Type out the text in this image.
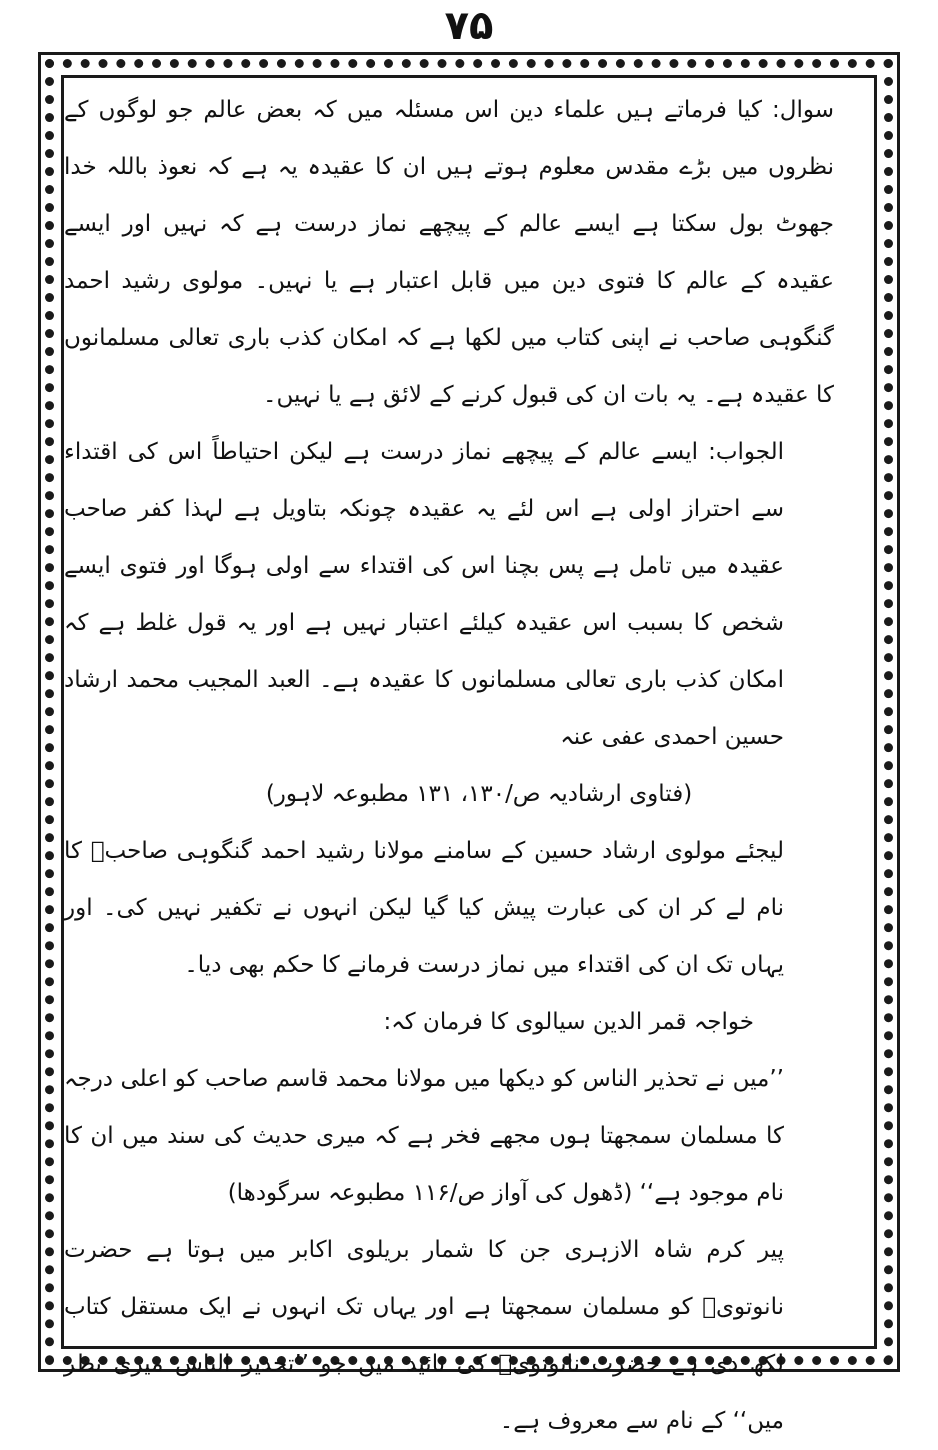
۷۵

سوال: کیا فرماتے ہیں علماء دین اس مسئلہ میں کہ بعض عالم جو لوگوں کے نظروں میں بڑے مقدس معلوم ہوتے ہیں ان کا عقیدہ یہ ہے کہ نعوذ باللہ خدا جھوٹ بول سکتا ہے ایسے عالم کے پیچھے نماز درست ہے کہ نہیں اور ایسے عقیدہ کے عالم کا فتوی دین میں قابل اعتبار ہے یا نہیں۔ مولوی رشید احمد گنگوہی صاحب نے اپنی کتاب میں لکھا ہے کہ امکان کذب باری تعالی مسلمانوں کا عقیدہ ہے۔ یہ بات ان کی قبول کرنے کے لائق ہے یا نہیں۔

الجواب: ایسے عالم کے پیچھے نماز درست ہے لیکن احتیاطاً اس کی اقتداء سے احتراز اولی ہے اس لئے یہ عقیدہ چونکہ بتاویل ہے لہذا کفر صاحب عقیدہ میں تامل ہے پس بچنا اس کی اقتداء سے اولی ہوگا اور فتوی ایسے شخص کا بسبب اس عقیدہ کیلئے اعتبار نہیں ہے اور یہ قول غلط ہے کہ امکان کذب باری تعالی مسلمانوں کا عقیدہ ہے۔ العبد المجیب محمد ارشاد حسین احمدی عفی عنہ

(فتاوی ارشادیہ ص/۱۳۰، ۱۳۱ مطبوعہ لاہور)

لیجئے مولوی ارشاد حسین کے سامنے مولانا رشید احمد گنگوہی صاحبؒ کا نام لے کر ان کی عبارت پیش کیا گیا لیکن انہوں نے تکفیر نہیں کی۔ اور یہاں تک ان کی اقتداء میں نماز درست فرمانے کا حکم بھی دیا۔

خواجہ قمر الدین سیالوی کا فرمان کہ:

’’میں نے تحذیر الناس کو دیکھا میں مولانا محمد قاسم صاحب کو اعلی درجہ کا مسلمان سمجھتا ہوں مجھے فخر ہے کہ میری حدیث کی سند میں ان کا نام موجود ہے‘‘ (ڈھول کی آواز ص/۱۱۶ مطبوعہ سرگودھا)

پیر کرم شاہ الازہری جن کا شمار بریلوی اکابر میں ہوتا ہے حضرت نانوتویؒ کو مسلمان سمجھتا ہے اور یہاں تک انہوں نے ایک مستقل کتاب لکھ دی ہے حضرت نانوتویؒ کی تائید میں جو ’’تحذیر الناس میری نظر میں‘‘ کے نام سے معروف ہے۔
